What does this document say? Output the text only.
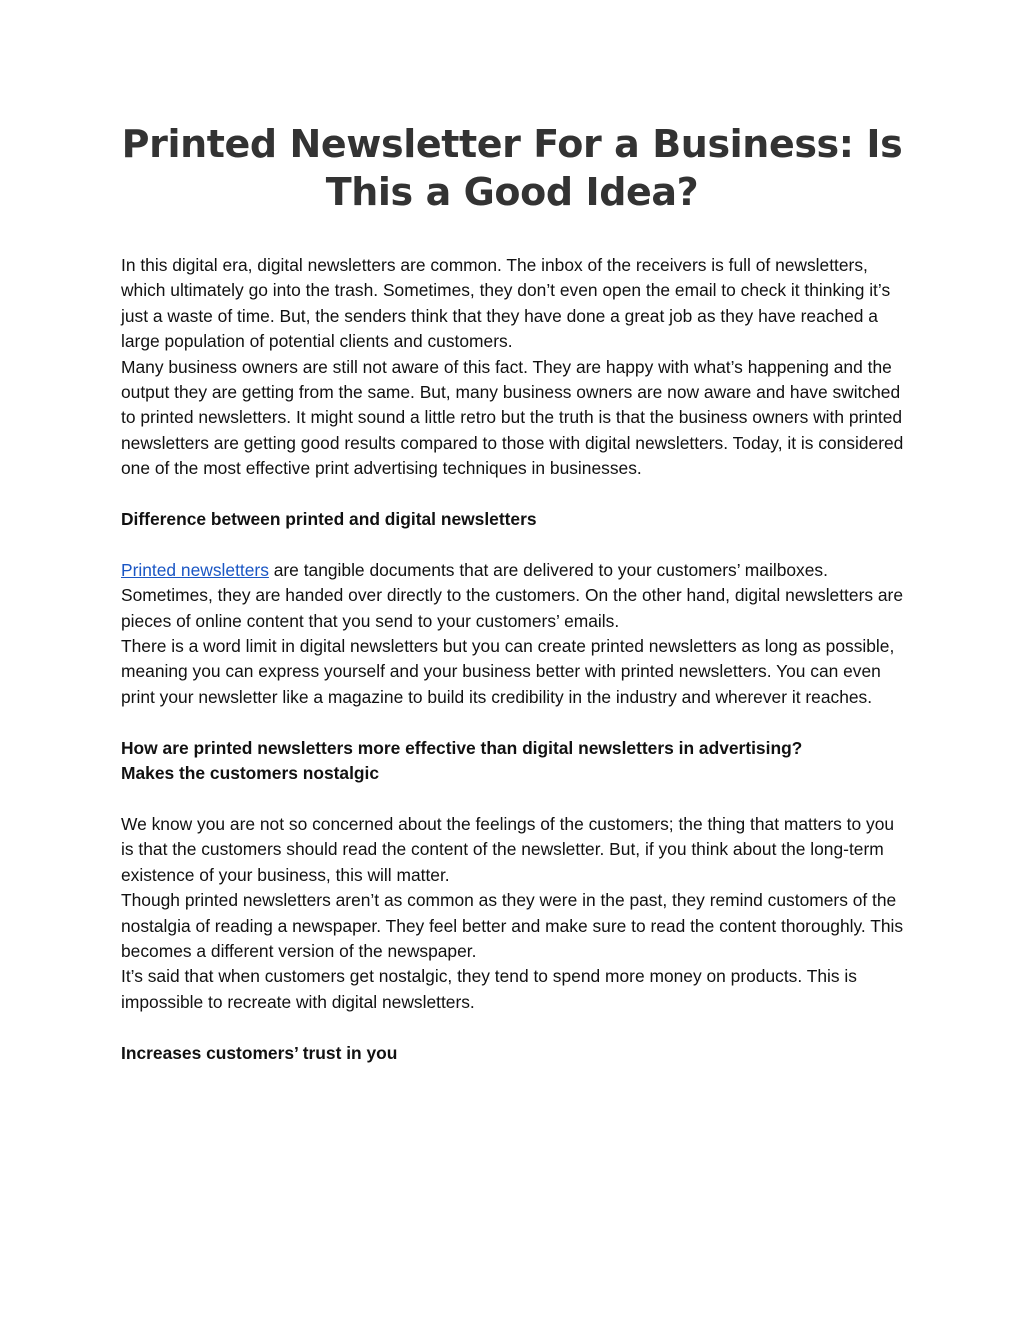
Printed Newsletter For a Business: Is This a Good Idea?

In this digital era, digital newsletters are common. The inbox of the receivers is full of newsletters, which ultimately go into the trash. Sometimes, they don’t even open the email to check it thinking it’s just a waste of time. But, the senders think that they have done a great job as they have reached a large population of potential clients and customers.

Many business owners are still not aware of this fact. They are happy with what’s happening and the output they are getting from the same. But, many business owners are now aware and have switched to printed newsletters. It might sound a little retro but the truth is that the business owners with printed newsletters are getting good results compared to those with digital newsletters. Today, it is considered one of the most effective print advertising techniques in businesses.

Difference between printed and digital newsletters

Printed newsletters are tangible documents that are delivered to your customers’ mailboxes. Sometimes, they are handed over directly to the customers. On the other hand, digital newsletters are pieces of online content that you send to your customers’ emails.

There is a word limit in digital newsletters but you can create printed newsletters as long as possible, meaning you can express yourself and your business better with printed newsletters. You can even print your newsletter like a magazine to build its credibility in the industry and wherever it reaches.

How are printed newsletters more effective than digital newsletters in advertising?

Makes the customers nostalgic

We know you are not so concerned about the feelings of the customers; the thing that matters to you is that the customers should read the content of the newsletter. But, if you think about the long-term existence of your business, this will matter.

Though printed newsletters aren’t as common as they were in the past, they remind customers of the nostalgia of reading a newspaper. They feel better and make sure to read the content thoroughly. This becomes a different version of the newspaper.

It’s said that when customers get nostalgic, they tend to spend more money on products. This is impossible to recreate with digital newsletters.

Increases customers’ trust in you
